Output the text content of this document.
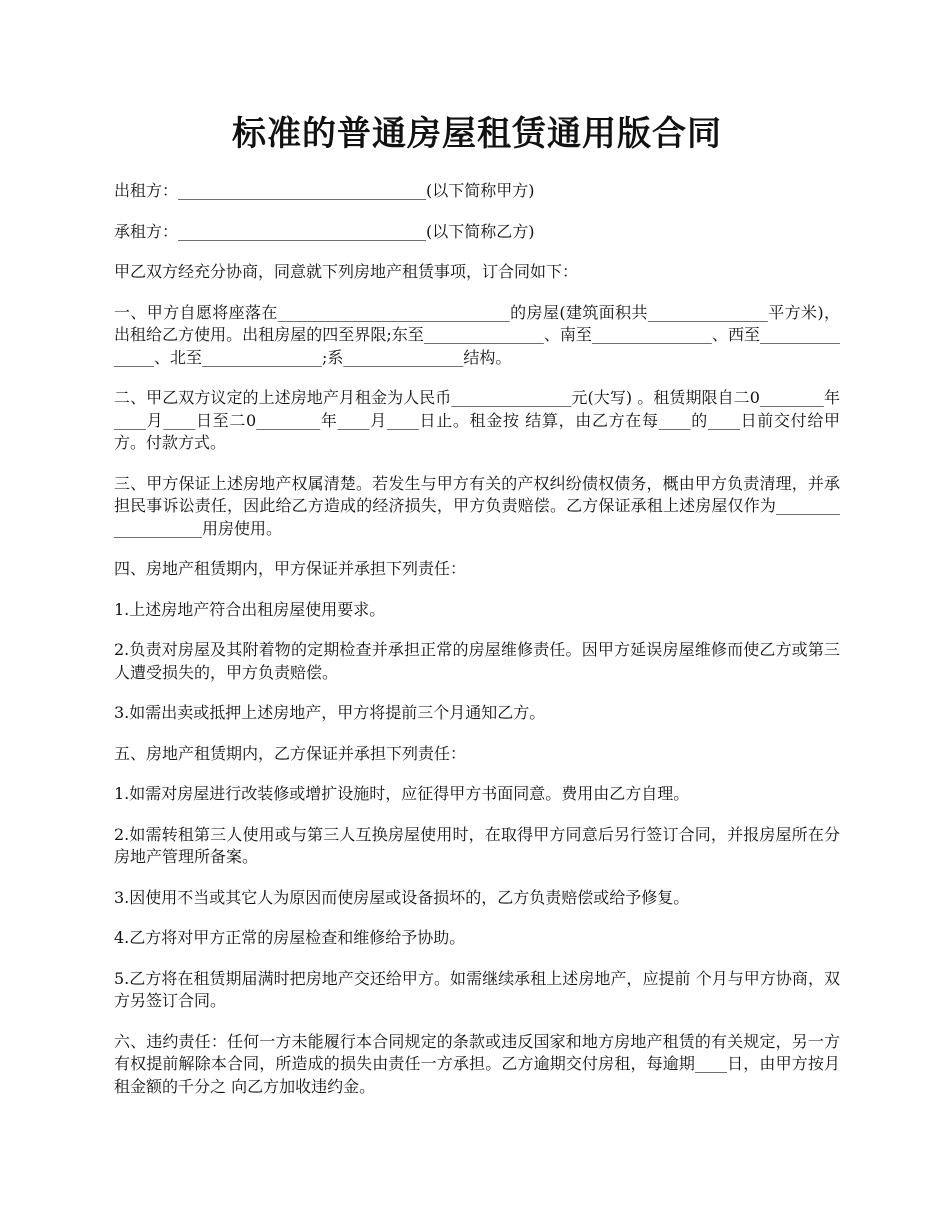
标准的普通房屋租赁通用版合同

出租方：_______________________________(以下简称甲方)

承租方：_______________________________(以下简称乙方)

甲乙双方经充分协商，同意就下列房地产租赁事项，订合同如下：

一、甲方自愿将座落在_____________________________的房屋(建筑面积共_______________平方米)，出租给乙方使用。出租房屋的四至界限;东至_______________、南至_______________、西至_______________、北至_______________;系_______________结构。

二、甲乙双方议定的上述房地产月租金为人民币_______________元(大写) 。租赁期限自二0________年____月____日至二0________年____月____日止。租金按 结算，由乙方在每____的____日前交付给甲方。付款方式。

三、甲方保证上述房地产权属清楚。若发生与甲方有关的产权纠纷债权债务，概由甲方负责清理，并承担民事诉讼责任，因此给乙方造成的经济损失，甲方负责赔偿。乙方保证承租上述房屋仅作为___________________用房使用。

四、房地产租赁期内，甲方保证并承担下列责任：

1.上述房地产符合出租房屋使用要求。

2.负责对房屋及其附着物的定期检查并承担正常的房屋维修责任。因甲方延误房屋维修而使乙方或第三人遭受损失的，甲方负责赔偿。

3.如需出卖或抵押上述房地产，甲方将提前三个月通知乙方。

五、房地产租赁期内，乙方保证并承担下列责任：

1.如需对房屋进行改装修或增扩设施时，应征得甲方书面同意。费用由乙方自理。

2.如需转租第三人使用或与第三人互换房屋使用时，在取得甲方同意后另行签订合同，并报房屋所在分房地产管理所备案。

3.因使用不当或其它人为原因而使房屋或设备损坏的，乙方负责赔偿或给予修复。

4.乙方将对甲方正常的房屋检查和维修给予协助。

5.乙方将在租赁期届满时把房地产交还给甲方。如需继续承租上述房地产，应提前 个月与甲方协商，双方另签订合同。

六、违约责任：任何一方未能履行本合同规定的条款或违反国家和地方房地产租赁的有关规定，另一方有权提前解除本合同，所造成的损失由责任一方承担。乙方逾期交付房租，每逾期____日，由甲方按月租金额的千分之 向乙方加收违约金。
